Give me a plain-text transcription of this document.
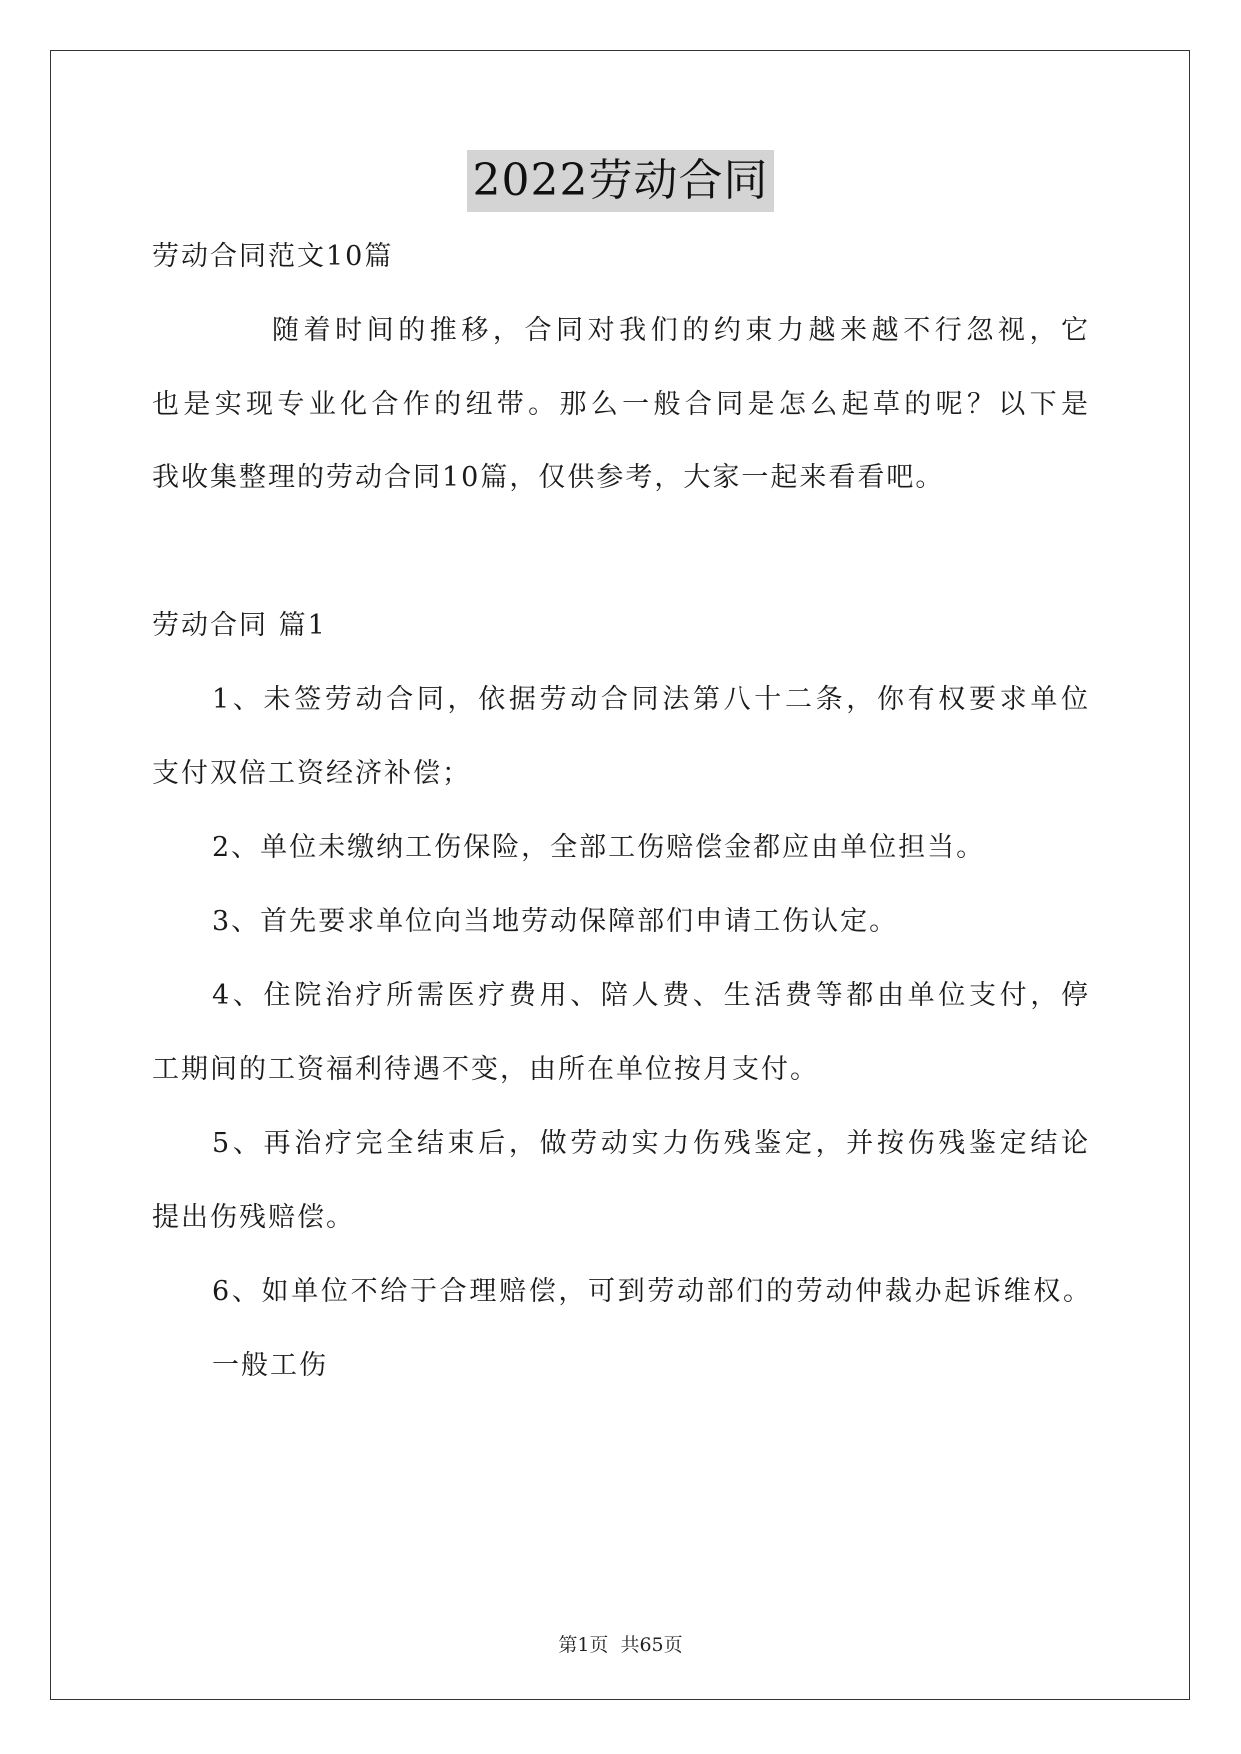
2022劳动合同

劳动合同范文10篇

随着时间的推移，合同对我们的约束力越来越不行忽视，它

也是实现专业化合作的纽带。那么一般合同是怎么起草的呢？以下是

我收集整理的劳动合同10篇，仅供参考，大家一起来看看吧。

劳动合同 篇1

1、未签劳动合同，依据劳动合同法第八十二条，你有权要求单位

支付双倍工资经济补偿；

2、单位未缴纳工伤保险，全部工伤赔偿金都应由单位担当。

3、首先要求单位向当地劳动保障部们申请工伤认定。

4、住院治疗所需医疗费用、陪人费、生活费等都由单位支付，停

工期间的工资福利待遇不变，由所在单位按月支付。

5、再治疗完全结束后，做劳动实力伤残鉴定，并按伤残鉴定结论

提出伤残赔偿。

6、如单位不给于合理赔偿，可到劳动部们的劳动仲裁办起诉维权。

一般工伤

第1页 共65页
